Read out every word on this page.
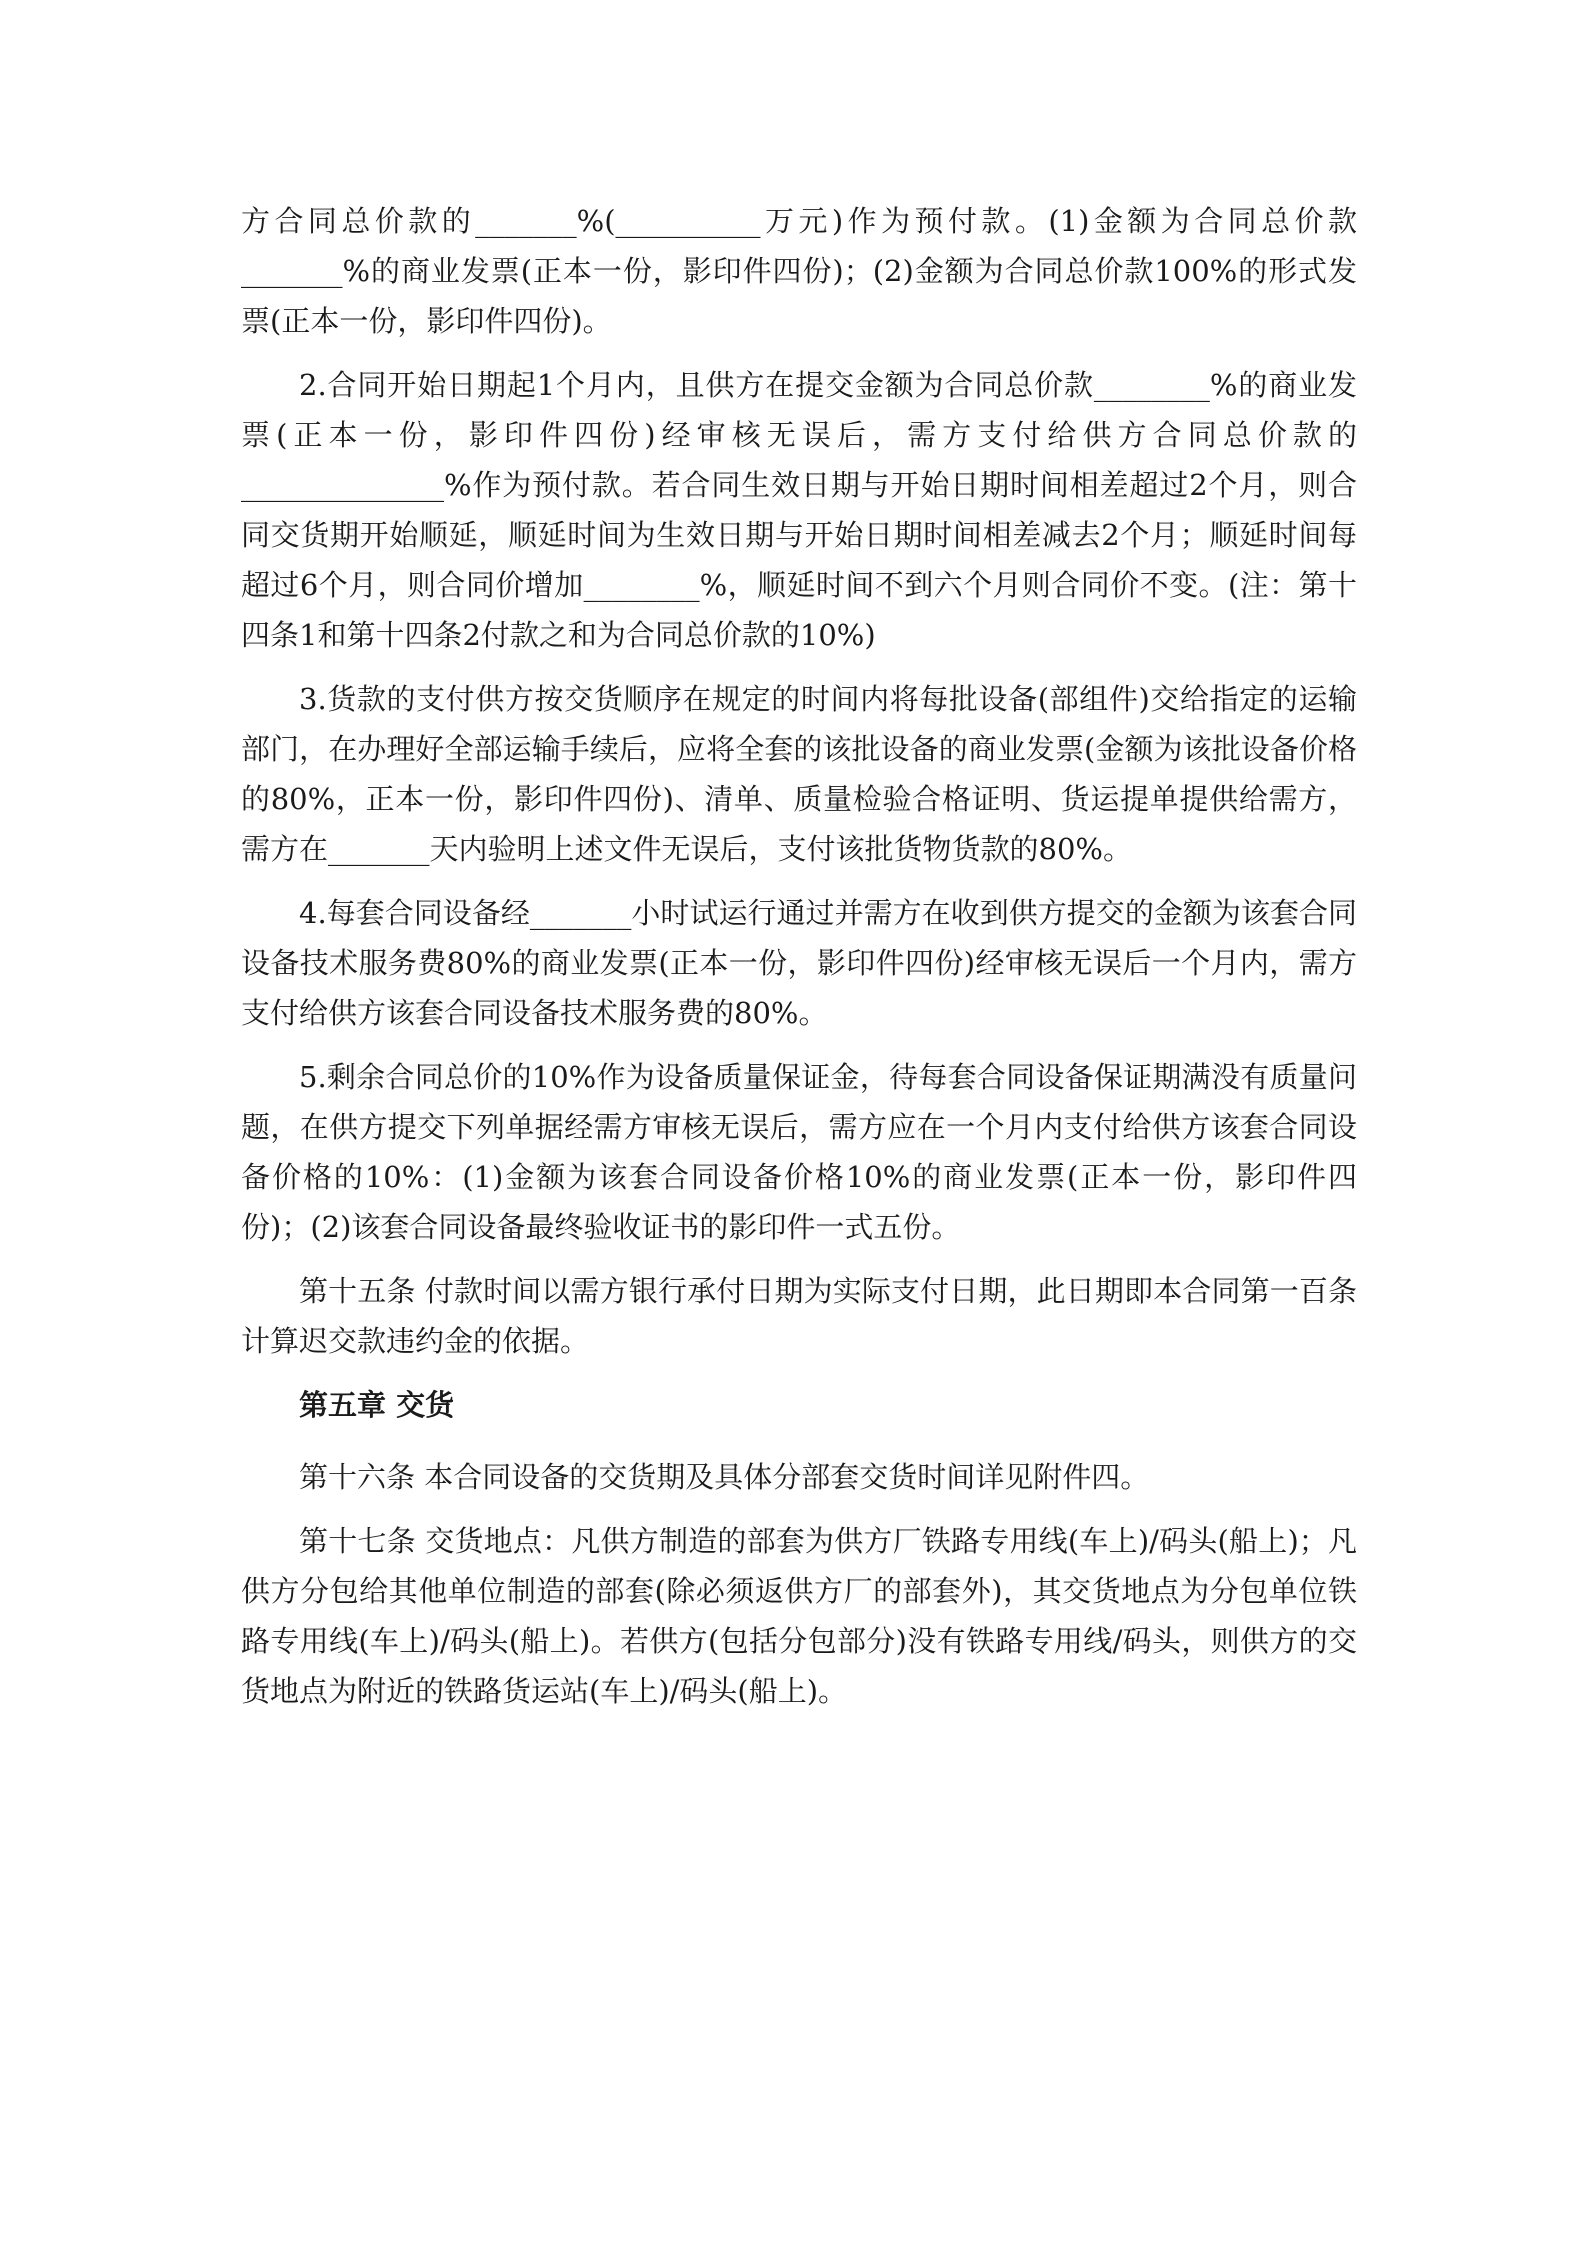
方合同总价款的_______%(__________万元)作为预付款。(1)金额为合同总价款_______%的商业发票(正本一份，影印件四份)；(2)金额为合同总价款100%的形式发票(正本一份，影印件四份)。

2.合同开始日期起1个月内，且供方在提交金额为合同总价款________%的商业发票(正本一份，影印件四份)经审核无误后，需方支付给供方合同总价款的______________%作为预付款。若合同生效日期与开始日期时间相差超过2个月，则合同交货期开始顺延，顺延时间为生效日期与开始日期时间相差减去2个月；顺延时间每超过6个月，则合同价增加________%，顺延时间不到六个月则合同价不变。(注：第十四条1和第十四条2付款之和为合同总价款的10%)

3.货款的支付供方按交货顺序在规定的时间内将每批设备(部组件)交给指定的运输部门，在办理好全部运输手续后，应将全套的该批设备的商业发票(金额为该批设备价格的80%，正本一份，影印件四份)、清单、质量检验合格证明、货运提单提供给需方，需方在_______天内验明上述文件无误后，支付该批货物货款的80%。

4.每套合同设备经_______小时试运行通过并需方在收到供方提交的金额为该套合同设备技术服务费80%的商业发票(正本一份，影印件四份)经审核无误后一个月内，需方支付给供方该套合同设备技术服务费的80%。

5.剩余合同总价的10%作为设备质量保证金，待每套合同设备保证期满没有质量问题，在供方提交下列单据经需方审核无误后，需方应在一个月内支付给供方该套合同设备价格的10%：(1)金额为该套合同设备价格10%的商业发票(正本一份，影印件四份)；(2)该套合同设备最终验收证书的影印件一式五份。

第十五条 付款时间以需方银行承付日期为实际支付日期，此日期即本合同第一百条计算迟交款违约金的依据。

第五章 交货

第十六条 本合同设备的交货期及具体分部套交货时间详见附件四。

第十七条 交货地点：凡供方制造的部套为供方厂铁路专用线(车上)/码头(船上)；凡供方分包给其他单位制造的部套(除必须返供方厂的部套外)，其交货地点为分包单位铁路专用线(车上)/码头(船上)。若供方(包括分包部分)没有铁路专用线/码头，则供方的交货地点为附近的铁路货运站(车上)/码头(船上)。
